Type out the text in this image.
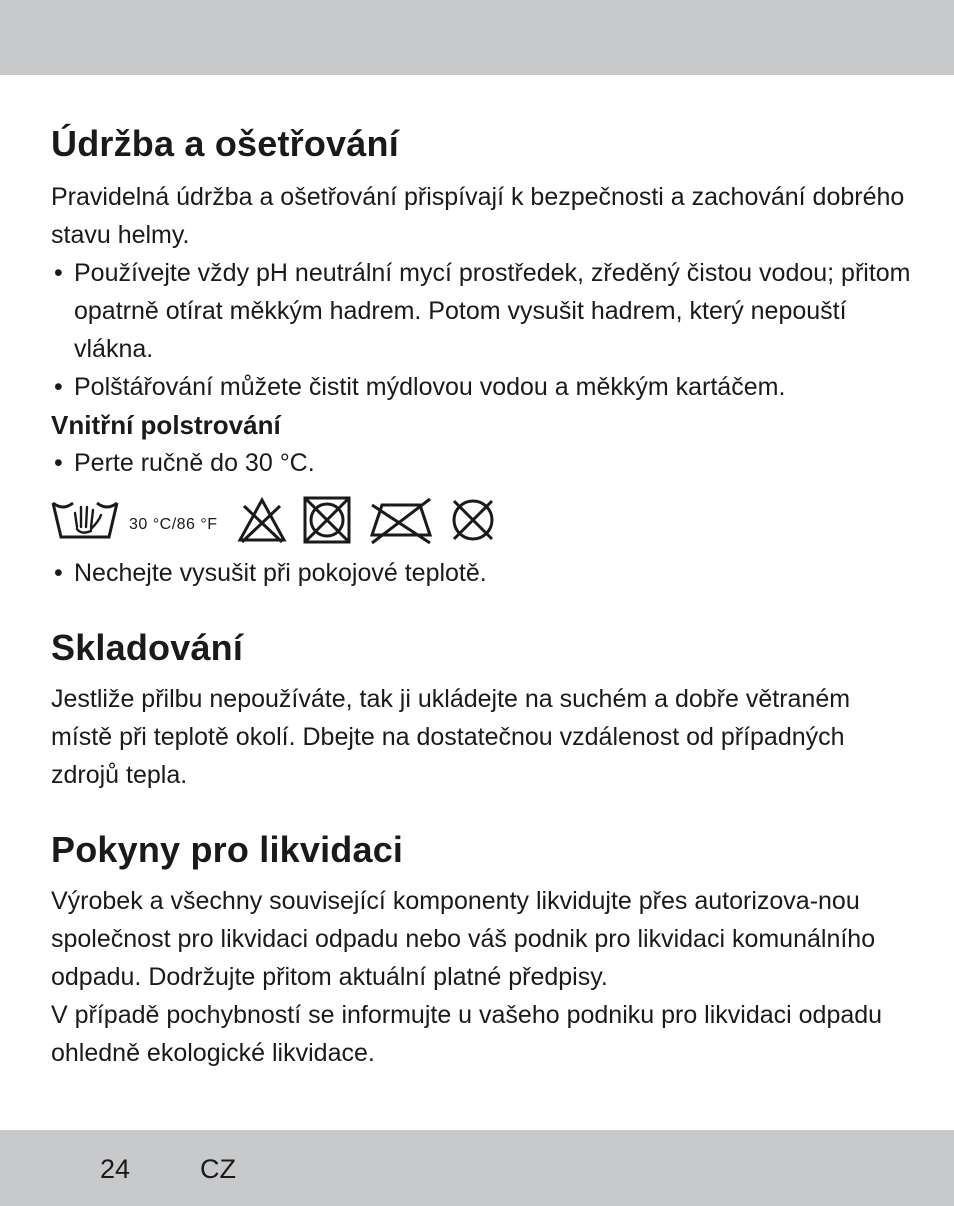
Údržba a ošetřování

Pravidelná údržba a ošetřování přispívají k bezpečnosti a zachování dobrého stavu helmy.

• Používejte vždy pH neutrální mycí prostředek, zředěný čistou vodou; přitom opatrně otírat měkkým hadrem. Potom vysušit hadrem, který nepouští vlákna.
• Polštářování můžete čistit mýdlovou vodou a měkkým kartáčem.
Vnitřní polstrování
• Perte ručně do 30 °C.
30 °C/86 °F
• Nechejte vysušit při pokojové teplotě.
Skladování

Jestliže přilbu nepoužíváte, tak ji ukládejte na suchém a dobře větraném místě při teplotě okolí. Dbejte na dostatečnou vzdálenost od případných zdrojů tepla.

Pokyny pro likvidaci

Výrobek a všechny související komponenty likvidujte přes autorizova-nou společnost pro likvidaci odpadu nebo váš podnik pro likvidaci komunálního odpadu. Dodržujte přitom aktuální platné předpisy.

V případě pochybností se informujte u vašeho podniku pro likvidaci odpadu ohledně ekologické likvidace.

24	CZ
